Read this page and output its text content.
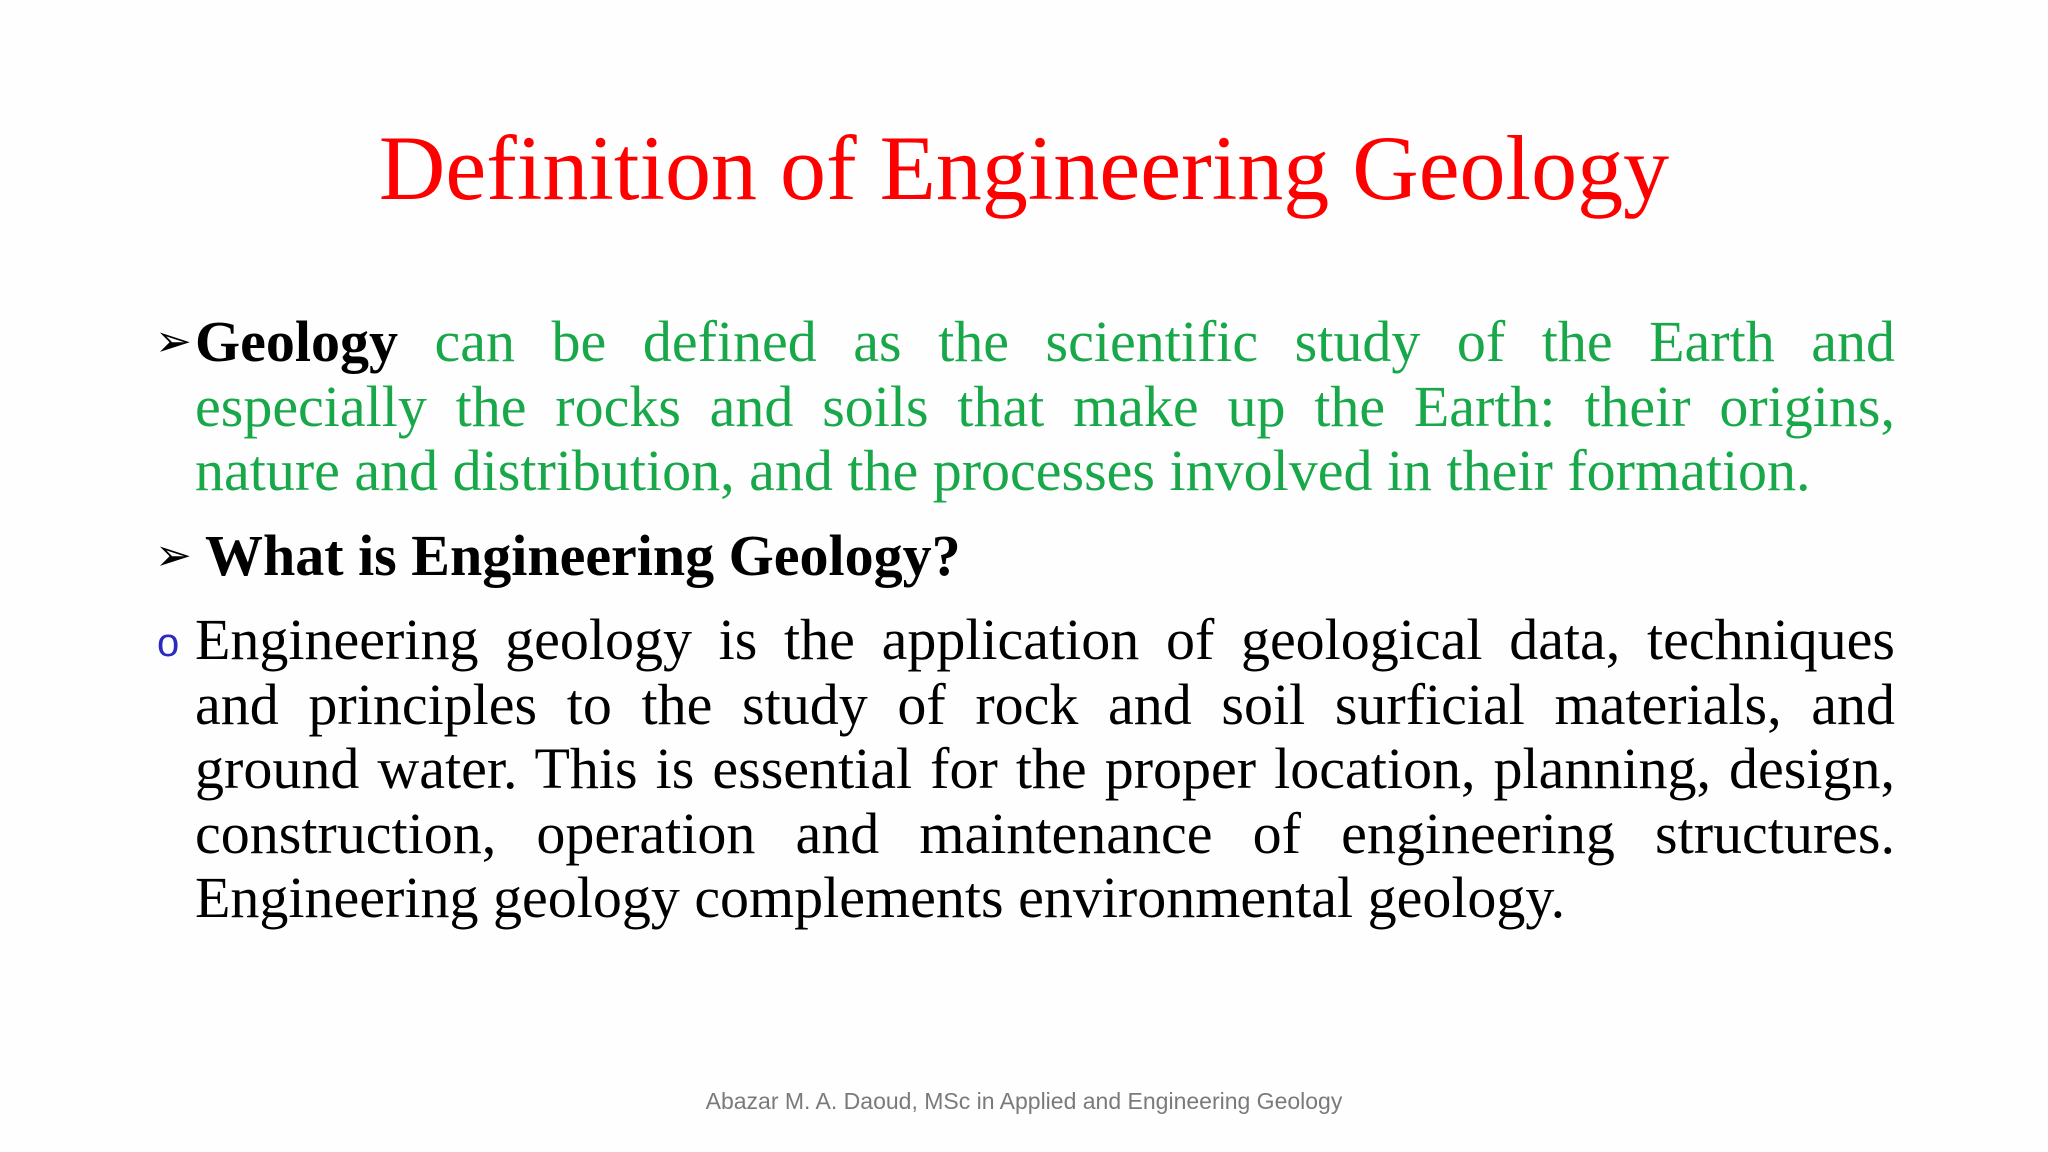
Definition of Engineering Geology
➢ Geology can be defined as the scientific study of the Earth and especially the rocks and soils that make up the Earth: their origins, nature and distribution, and the processes involved in their formation.
➢ What is Engineering Geology?
o Engineering geology is the application of geological data, techniques and principles to the study of rock and soil surficial materials, and ground water. This is essential for the proper location, planning, design, construction, operation and maintenance of engineering structures. Engineering geology complements environmental geology.
Abazar M. A. Daoud, MSc in Applied and Engineering Geology
